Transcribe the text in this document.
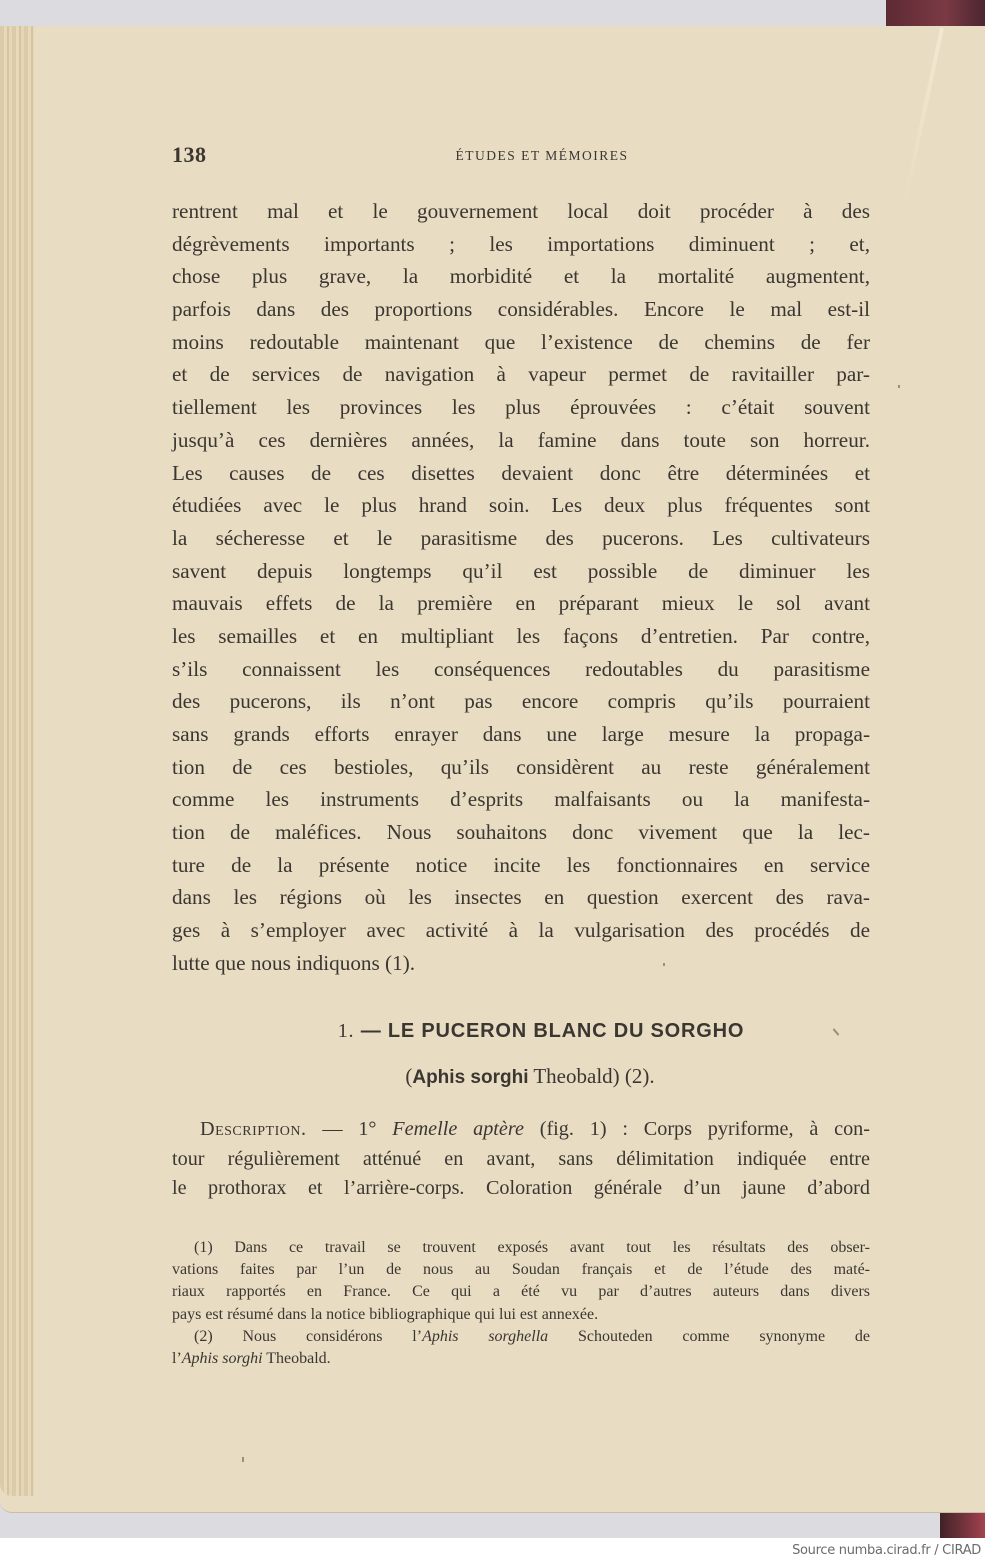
138	ÉTUDES ET MÉMOIRES
rentrent mal et le gouvernement local doit procéder à des
dégrèvements importants ; les importations diminuent ; et,
chose plus grave, la morbidité et la mortalité augmentent,
parfois dans des proportions considérables. Encore le mal est-il
moins redoutable maintenant que l’existence de chemins de fer
et de services de navigation à vapeur permet de ravitailler par-
tiellement les provinces les plus éprouvées : c’était souvent
jusqu’à ces dernières années, la famine dans toute son horreur.
Les causes de ces disettes devaient donc être déterminées et
étudiées avec le plus hrand soin. Les deux plus fréquentes sont
la sécheresse et le parasitisme des pucerons. Les cultivateurs
savent depuis longtemps qu’il est possible de diminuer les
mauvais effets de la première en préparant mieux le sol avant
les semailles et en multipliant les façons d’entretien. Par contre,
s’ils connaissent les conséquences redoutables du parasitisme
des pucerons, ils n’ont pas encore compris qu’ils pourraient
sans grands efforts enrayer dans une large mesure la propaga-
tion de ces bestioles, qu’ils considèrent au reste généralement
comme les instruments d’esprits malfaisants ou la manifesta-
tion de maléfices. Nous souhaitons donc vivement que la lec-
ture de la présente notice incite les fonctionnaires en service
dans les régions où les insectes en question exercent des rava-
ges à s’employer avec activité à la vulgarisation des procédés de
lutte que nous indiquons (1).
1. — LE PUCERON BLANC DU SORGHO
(Aphis sorghi Theobald) (2).
Description. — 1° Femelle aptère (fig. 1) : Corps pyriforme, à con-
tour régulièrement atténué en avant, sans délimitation indiquée entre
le prothorax et l’arrière-corps. Coloration générale d’un jaune d’abord
(1) Dans ce travail se trouvent exposés avant tout les résultats des obser-
vations faites par l’un de nous au Soudan français et de l’étude des maté-
riaux rapportés en France. Ce qui a été vu par d’autres auteurs dans divers
pays est résumé dans la notice bibliographique qui lui est annexée.
(2) Nous considérons l’Aphis sorghella Schouteden comme synonyme de
l’Aphis sorghi Theobald.
Source numba.cirad.fr / CIRAD
